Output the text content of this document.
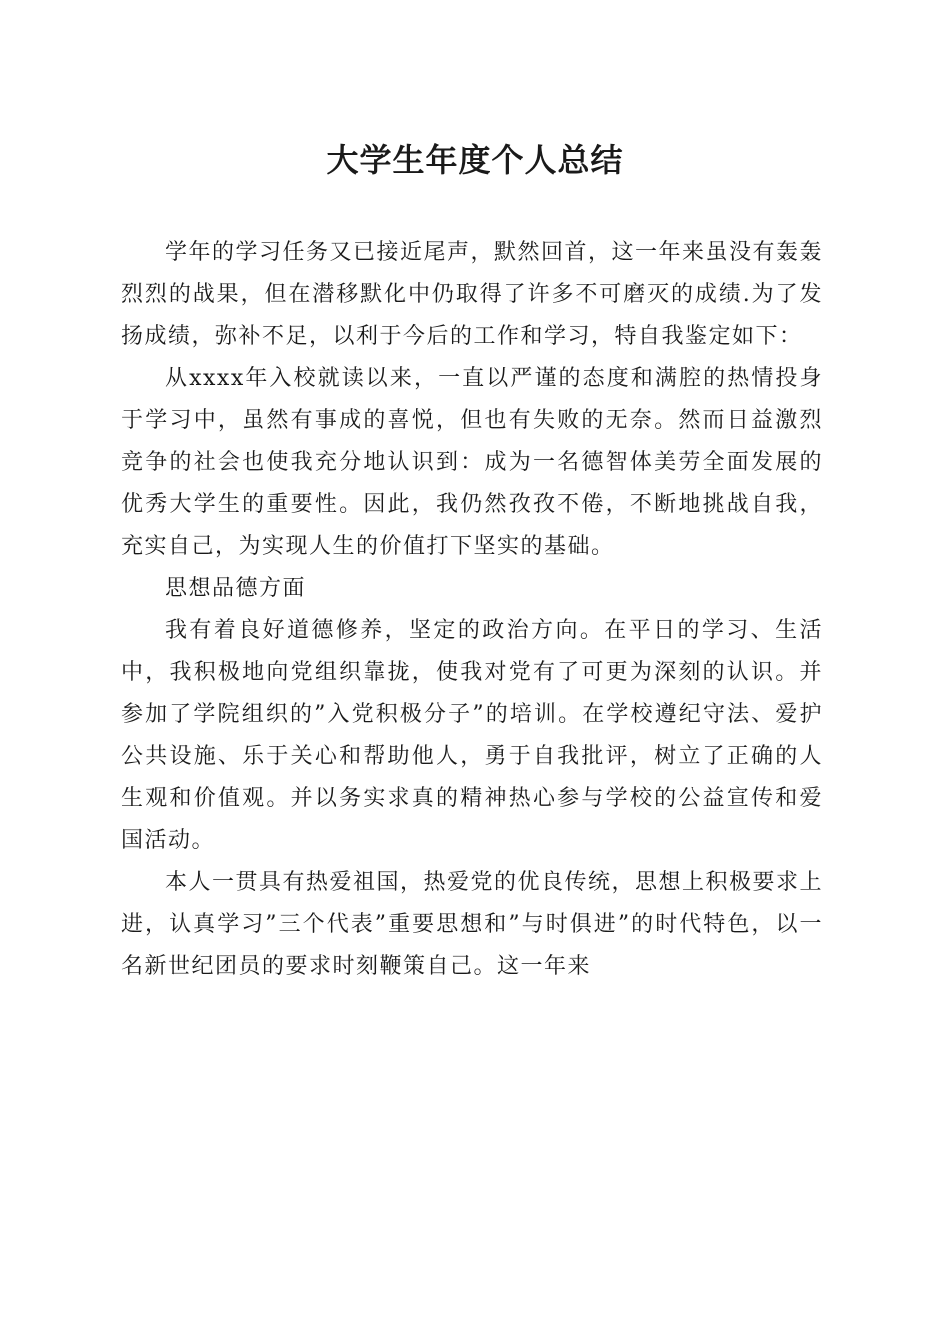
大学生年度个人总结

学年的学习任务又已接近尾声，默然回首，这一年来虽没有轰轰烈烈的战果，但在潜移默化中仍取得了许多不可磨灭的成绩.为了发扬成绩，弥补不足，以利于今后的工作和学习，特自我鉴定如下：

从xxxx年入校就读以来，一直以严谨的态度和满腔的热情投身于学习中，虽然有事成的喜悦，但也有失败的无奈。然而日益激烈竞争的社会也使我充分地认识到：成为一名德智体美劳全面发展的优秀大学生的重要性。因此，我仍然孜孜不倦，不断地挑战自我，充实自己，为实现人生的价值打下坚实的基础。

思想品德方面

我有着良好道德修养，坚定的政治方向。在平日的学习、生活中，我积极地向党组织靠拢，使我对党有了可更为深刻的认识。并参加了学院组织的”入党积极分子”的培训。在学校遵纪守法、爱护公共设施、乐于关心和帮助他人，勇于自我批评，树立了正确的人生观和价值观。并以务实求真的精神热心参与学校的公益宣传和爱国活动。

本人一贯具有热爱祖国，热爱党的优良传统，思想上积极要求上进，认真学习”三个代表”重要思想和”与时俱进”的时代特色，以一名新世纪团员的要求时刻鞭策自己。这一年来
